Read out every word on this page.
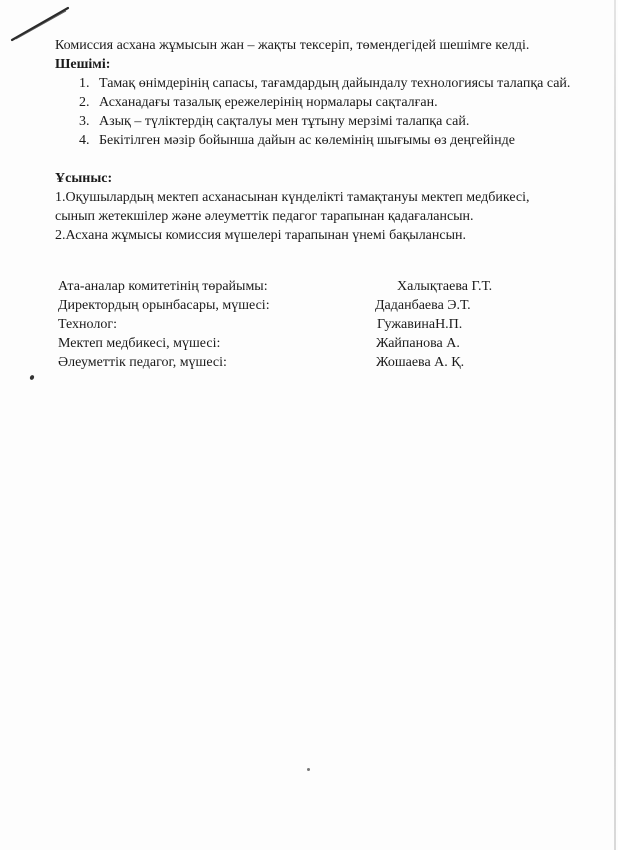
Комиссия асхана жұмысын жан – жақты тексеріп, төмендегідей шешімге келді.

Шешімі:

1. Тамақ өнімдерінің сапасы, тағамдардың дайындалу технологиясы талапқа сай.
2. Асханадағы тазалық ережелерінің нормалары сақталған.
3. Азық – түліктердің сақталуы мен тұтыну мерзімі талапқа сай.
4. Бекітілген мәзір бойынша дайын ас көлемінің шығымы өз деңгейінде

Ұсыныс:

1.Оқушылардың мектеп асханасынан күнделікті тамақтануы мектеп медбикесі,

сынып жетекшілер және әлеуметтік педагог тарапынан қадағалансын.

2.Асхана жұмысы комиссия мүшелері тарапынан үнемі бақылансын.

Ата-аналар комитетінің төрайымы:	Халықтаева Г.Т.
Директордың орынбасары, мүшесі:	Даданбаева Э.Т.
Технолог:	ГужавинаН.П.
Мектеп медбикесі, мүшесі:	Жайпанова А.
Әлеуметтік педагог, мүшесі:	Жошаева А. Қ.
